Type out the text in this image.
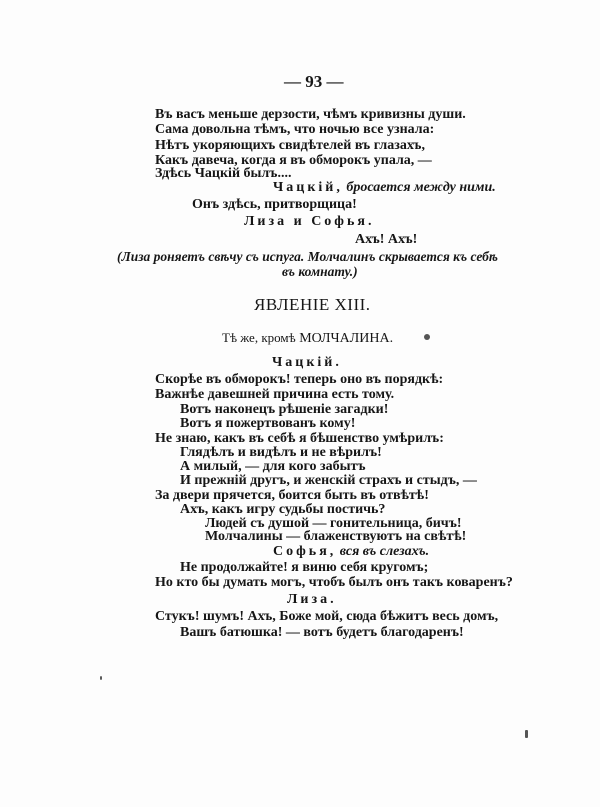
— 93 —
Въ васъ меньше дерзости, чѣмъ кривизны души.
Сама довольна тѣмъ, что ночью все узнала:
Нѣтъ укоряющихъ свидѣтелей въ глазахъ,
Какъ давеча, когда я въ обморокъ упала, —
Здѣсь Чацкій былъ....
Чацкій, бросается между ними.
Онъ здѣсь, притворщица!
Лиза и Софья.
Ахъ! Ахъ!
(Лиза роняетъ свѣчу съ испуга. Молчалинъ скрывается къ себѣ
въ комнату.)
ЯВЛЕНІЕ XIII.
Тѣ же, кромѣ МОЛЧАЛИНА.
Чацкій.
Скорѣе въ обморокъ! теперь оно въ порядкѣ:
Важнѣе давешней причина есть тому.
Вотъ наконецъ рѣшеніе загадки!
Вотъ я пожертвованъ кому!
Не знаю, какъ въ себѣ я бѣшенство умѣрилъ:
Глядѣлъ и видѣлъ и не вѣрилъ!
А милый, — для кого забытъ
И прежній другъ, и женскій страхъ и стыдъ, —
За двери прячется, боится быть въ отвѣтѣ!
Ахъ, какъ игру судьбы постичь?
Людей съ душой — гонительница, бичъ!
Молчалины — блаженствуютъ на свѣтѣ!
Софья, вся въ слезахъ.
Не продолжайте! я виню себя кругомъ;
Но кто бы думать могъ, чтобъ былъ онъ такъ коваренъ?
Лиза.
Стукъ! шумъ! Ахъ, Боже мой, сюда бѣжитъ весь домъ,
Вашъ батюшка! — вотъ будетъ благодаренъ!
